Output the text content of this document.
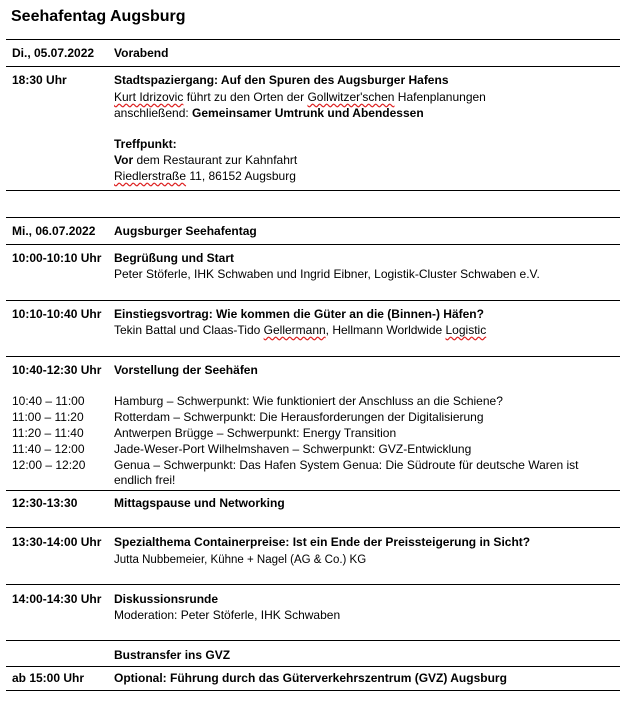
Seehafentag Augsburg
Di., 05.07.2022 Vorabend
18:30 Uhr	Stadtspaziergang: Auf den Spuren des Augsburger Hafens
Kurt Idrizovic führt zu den Orten der Gollwitzer'schen Hafenplanungen
anschließend: Gemeinsamer Umtrunk und Abendessen
Treffpunkt:
Vor dem Restaurant zur Kahnfahrt
Riedlerstraße 11, 86152 Augsburg
Mi., 06.07.2022 Augsburger Seehafentag
10:00-10:10 Uhr Begrüßung und Start
Peter Stöferle, IHK Schwaben und Ingrid Eibner, Logistik-Cluster Schwaben e.V.
10:10-10:40 Uhr Einstiegsvortrag: Wie kommen die Güter an die (Binnen-) Häfen?
Tekin Battal und Claas-Tido Gellermann, Hellmann Worldwide Logistic
10:40-12:30 Uhr Vorstellung der Seehäfen
10:40 – 11:00 Hamburg – Schwerpunkt: Wie funktioniert der Anschluss an die Schiene?
11:00 – 11:20	Rotterdam – Schwerpunkt: Die Herausforderungen der Digitalisierung
11:20 – 11:40	Antwerpen Brügge – Schwerpunkt: Energy Transition
11:40 – 12:00 Jade-Weser-Port Wilhelmshaven – Schwerpunkt: GVZ-Entwicklung
12:00 – 12:20 Genua – Schwerpunkt: Das Hafen System Genua: Die Südroute für deutsche Waren ist endlich frei!
12:30-13:30	Mittagspause und Networking
13:30-14:00 Uhr Spezialthema Containerpreise: Ist ein Ende der Preissteigerung in Sicht?
Jutta Nubbemeier, Kühne + Nagel (AG & Co.) KG
14:00-14:30 Uhr Diskussionsrunde
Moderation: Peter Stöferle, IHK Schwaben
Bustransfer ins GVZ
ab 15:00 Uhr Optional: Führung durch das Güterverkehrszentrum (GVZ) Augsburg
